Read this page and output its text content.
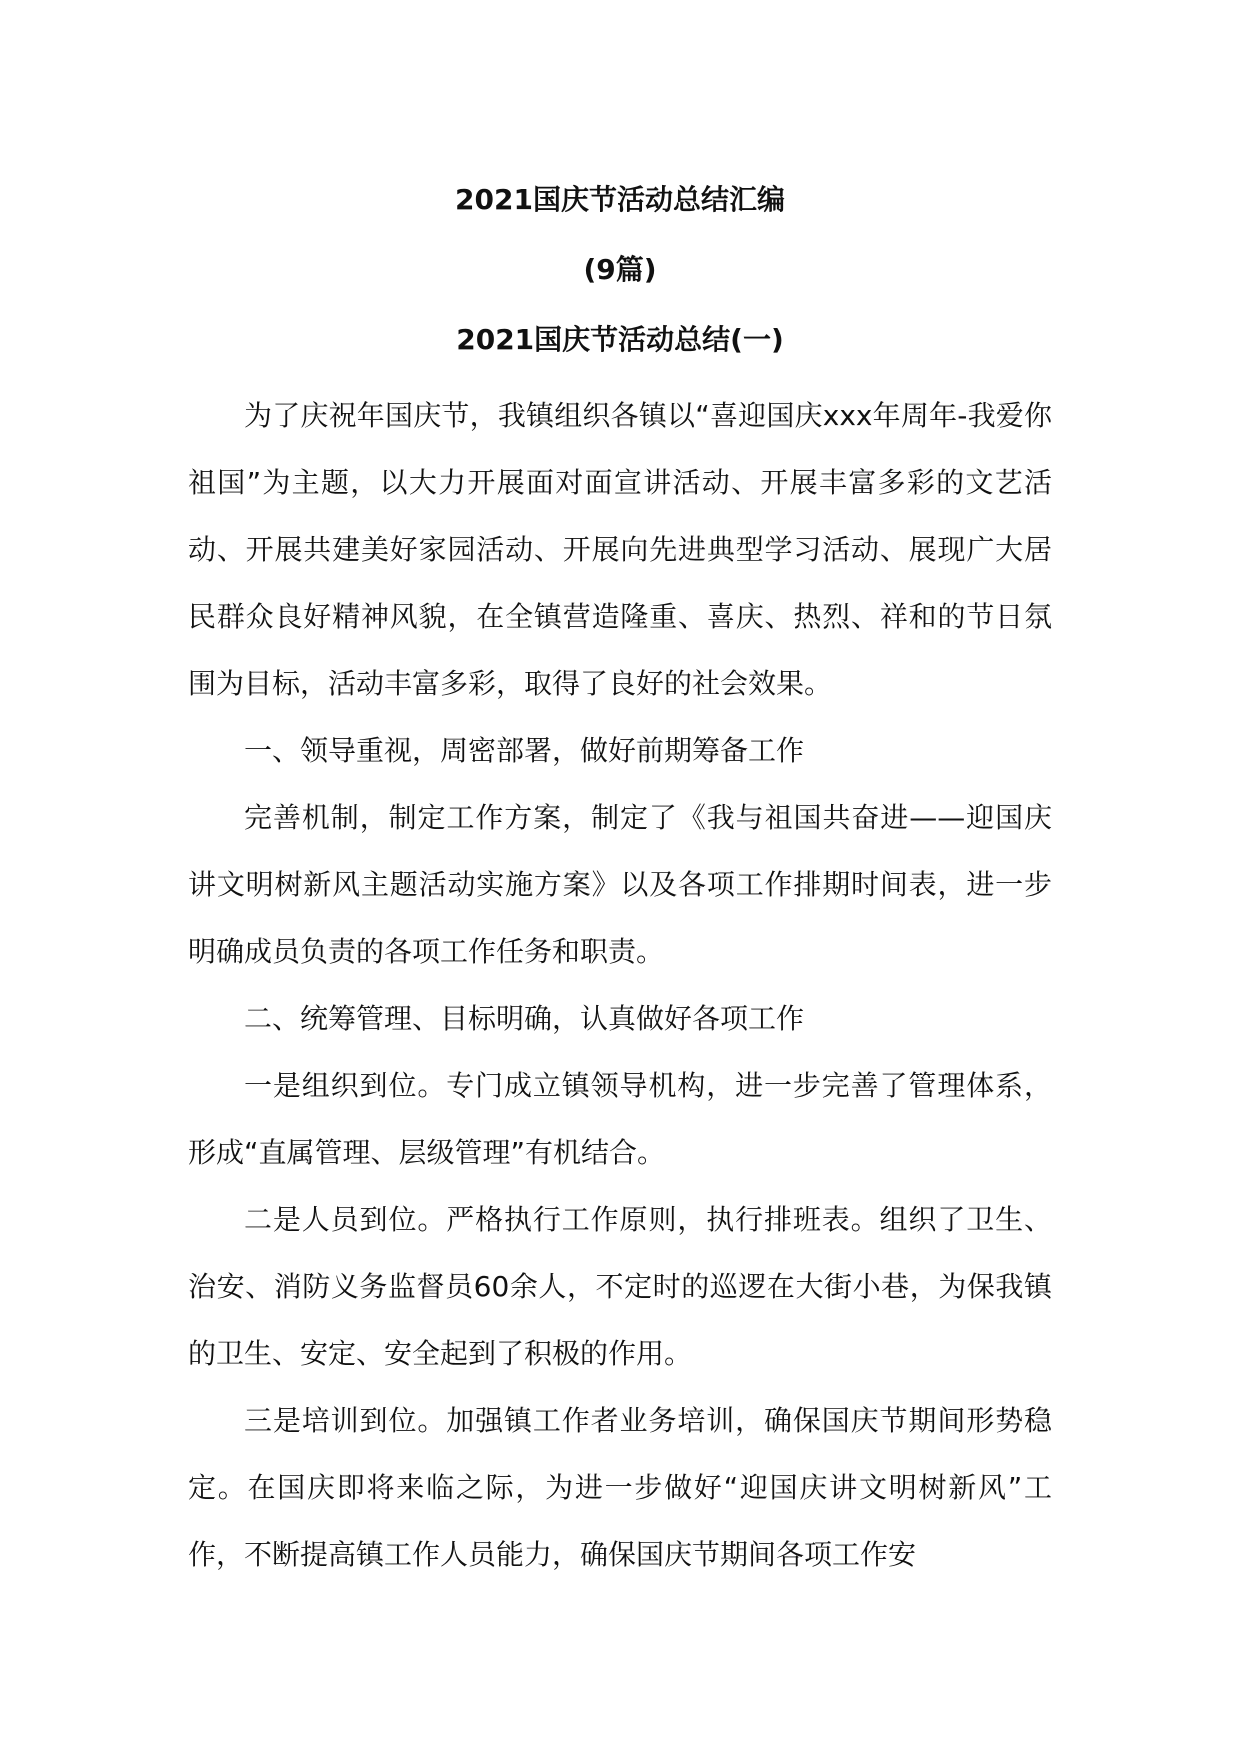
2021国庆节活动总结汇编
(9篇)
2021国庆节活动总结(一)

为了庆祝年国庆节，我镇组织各镇以“喜迎国庆xxx年周年-我爱你祖国”为主题，以大力开展面对面宣讲活动、开展丰富多彩的文艺活动、开展共建美好家园活动、开展向先进典型学习活动、展现广大居民群众良好精神风貌，在全镇营造隆重、喜庆、热烈、祥和的节日氛围为目标，活动丰富多彩，取得了良好的社会效果。

一、领导重视，周密部署，做好前期筹备工作

完善机制，制定工作方案，制定了《我与祖国共奋进——迎国庆讲文明树新风主题活动实施方案》以及各项工作排期时间表，进一步明确成员负责的各项工作任务和职责。

二、统筹管理、目标明确，认真做好各项工作

一是组织到位。专门成立镇领导机构，进一步完善了管理体系，形成“直属管理、层级管理”有机结合。

二是人员到位。严格执行工作原则，执行排班表。组织了卫生、治安、消防义务监督员60余人，不定时的巡逻在大街小巷，为保我镇的卫生、安定、安全起到了积极的作用。

三是培训到位。加强镇工作者业务培训，确保国庆节期间形势稳定。在国庆即将来临之际，为进一步做好“迎国庆讲文明树新风”工作，不断提高镇工作人员能力，确保国庆节期间各项工作安
